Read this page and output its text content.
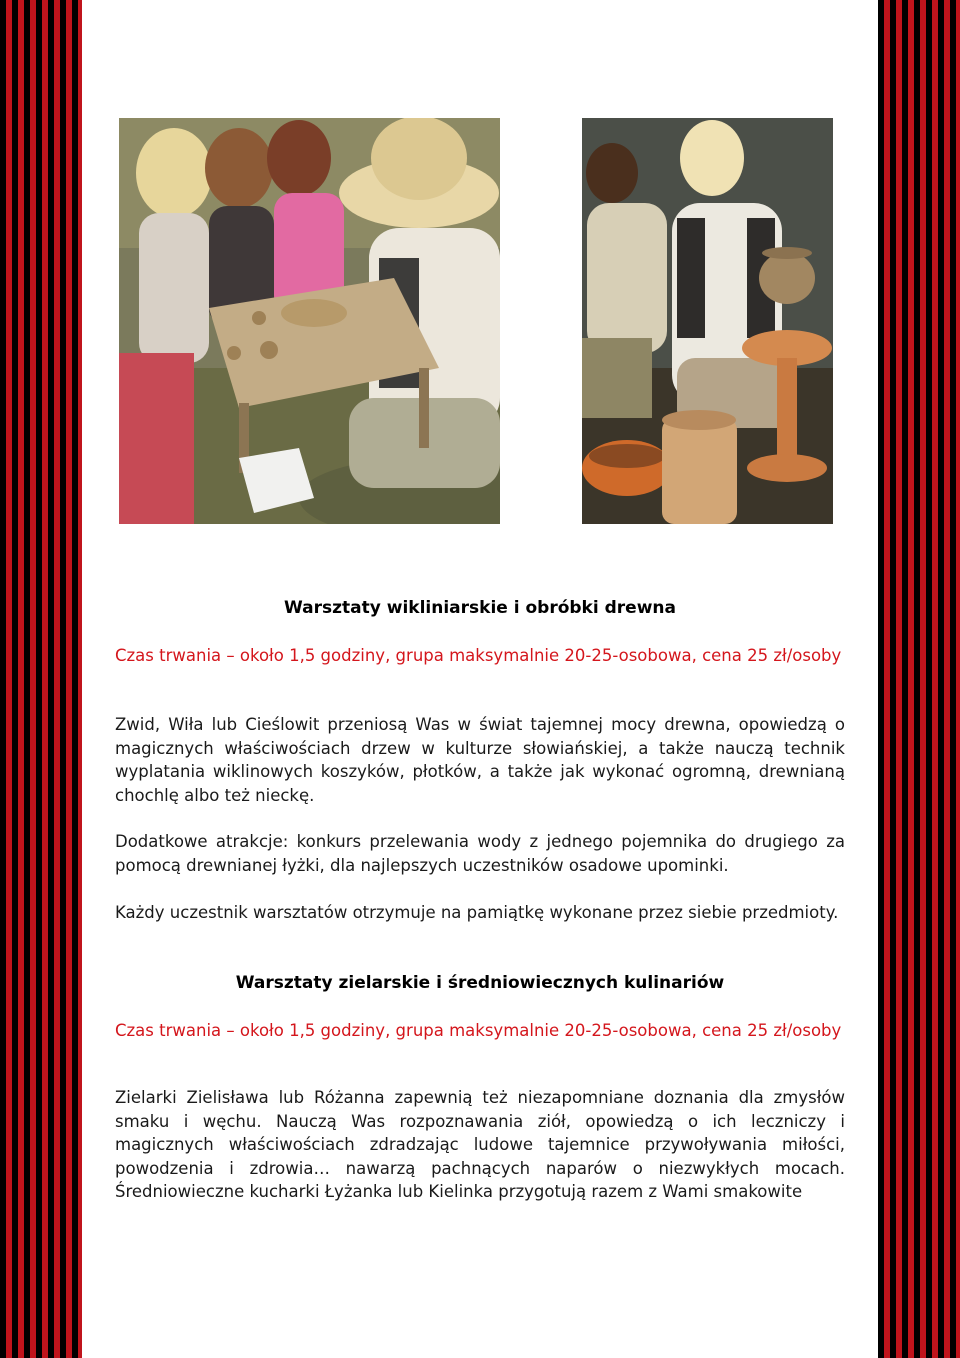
Warsztaty wikliniarskie i obróbki drewna

Czas trwania – około 1,5 godziny, grupa maksymalnie 20-25-osobowa, cena 25 zł/osoby

Zwid, Wiła lub Cieślowit przeniosą Was w świat tajemnej mocy drewna, opowiedzą o magicznych właściwościach drzew w kulturze słowiańskiej, a także nauczą technik wyplatania wiklinowych koszyków, płotków, a także jak wykonać ogromną, drewnianą chochlę albo też nieckę.

Dodatkowe atrakcje: konkurs przelewania wody z jednego pojemnika do drugiego za pomocą drewnianej łyżki, dla najlepszych uczestników osadowe upominki.

Każdy uczestnik warsztatów otrzymuje na pamiątkę wykonane przez siebie przedmioty.

Warsztaty zielarskie i średniowiecznych kulinariów

Czas trwania – około 1,5 godziny, grupa maksymalnie 20-25-osobowa, cena 25 zł/osoby

Zielarki Zielisława lub Różanna zapewnią też niezapomniane doznania dla zmysłów smaku i węchu. Nauczą Was rozpoznawania ziół, opowiedzą o ich leczniczy i magicznych właściwościach zdradzając ludowe tajemnice przywoływania miłości, powodzenia i zdrowia… nawarzą pachnących naparów o niezwykłych mocach. Średniowieczne kucharki Łyżanka lub Kielinka przygotują razem z Wami smakowite
